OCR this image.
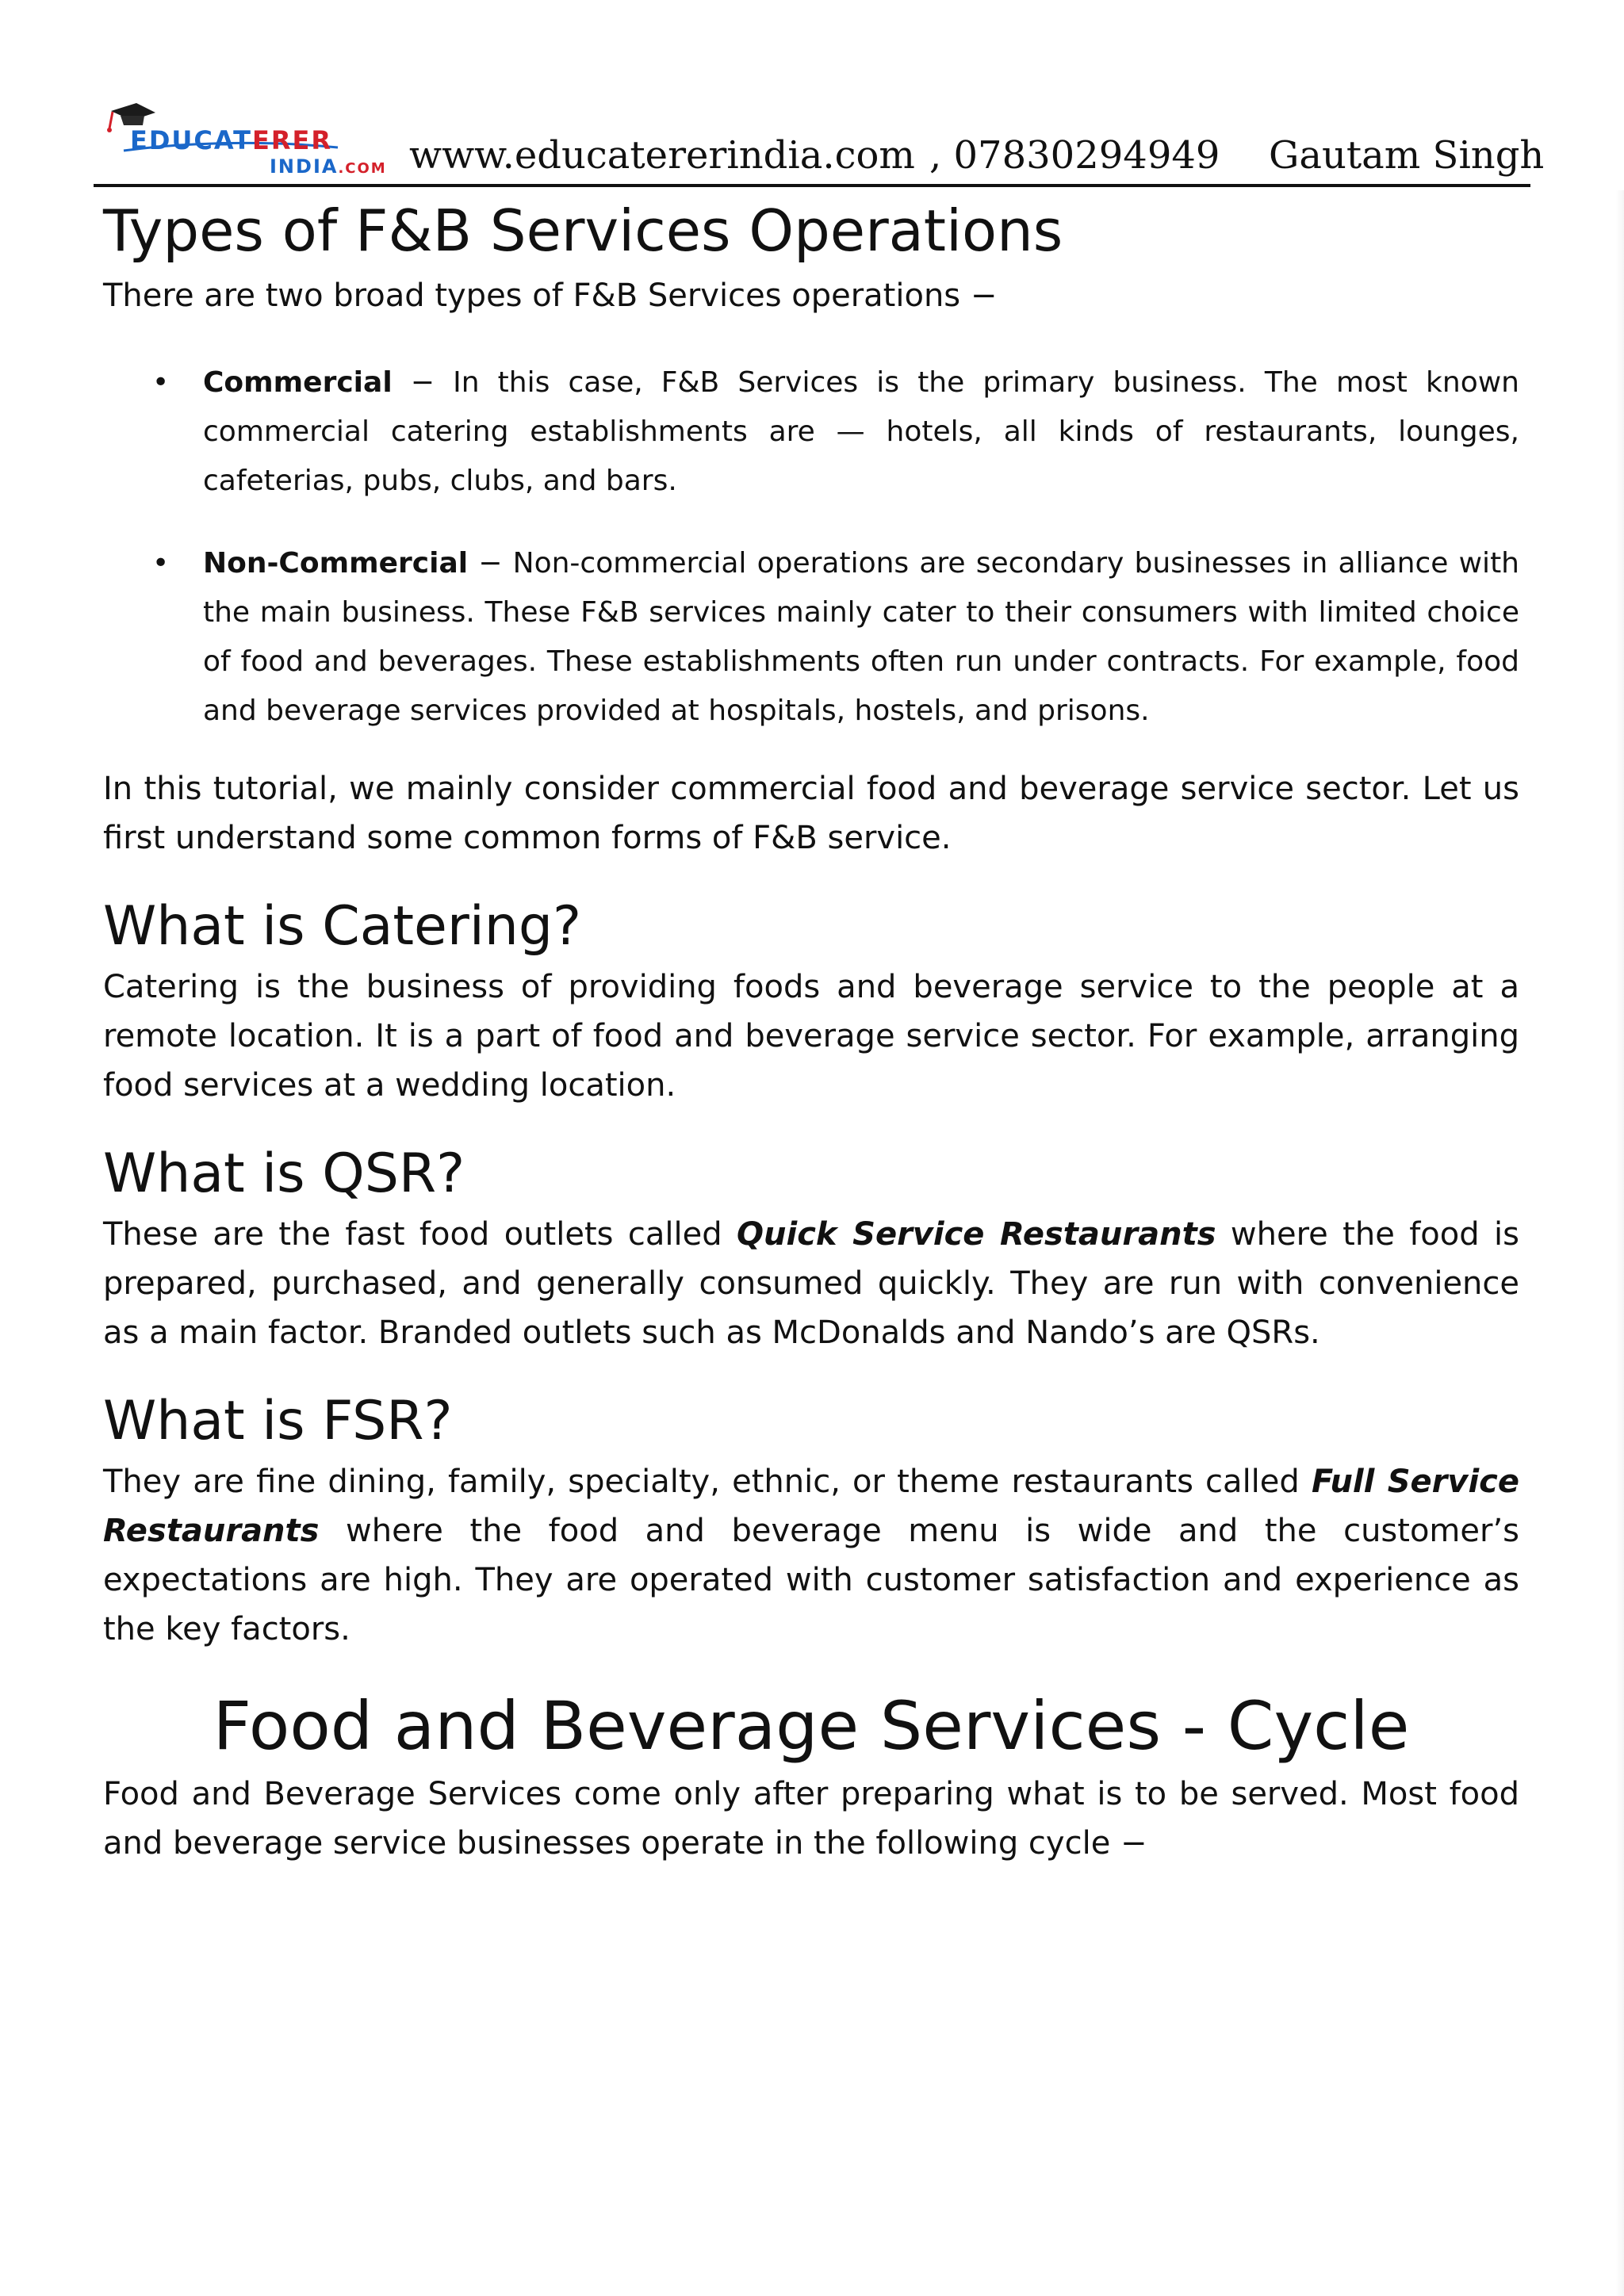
EDUCATERER
INDIA.COM www.educatererindia.com , 07830294949 Gautam Singh
Types of F&B Services Operations

There are two broad types of F&B Services operations −

• Commercial − In this case, F&B Services is the primary business. The most known commercial catering establishments are — hotels, all kinds of restaurants, lounges, cafeterias, pubs, clubs, and bars.
• Non-Commercial − Non-commercial operations are secondary businesses in alliance with the main business. These F&B services mainly cater to their consumers with limited choice of food and beverages. These establishments often run under contracts. For example, food and beverage services provided at hospitals, hostels, and prisons.

In this tutorial, we mainly consider commercial food and beverage service sector. Let us first understand some common forms of F&B service.

What is Catering?

Catering is the business of providing foods and beverage service to the people at a remote location. It is a part of food and beverage service sector. For example, arranging food services at a wedding location.

What is QSR?

These are the fast food outlets called Quick Service Restaurants where the food is prepared, purchased, and generally consumed quickly. They are run with convenience as a main factor. Branded outlets such as McDonalds and Nando’s are QSRs.

What is FSR?

They are fine dining, family, specialty, ethnic, or theme restaurants called Full Service Restaurants where the food and beverage menu is wide and the customer’s expectations are high. They are operated with customer satisfaction and experience as the key factors.

Food and Beverage Services - Cycle

Food and Beverage Services come only after preparing what is to be served. Most food and beverage service businesses operate in the following cycle −
